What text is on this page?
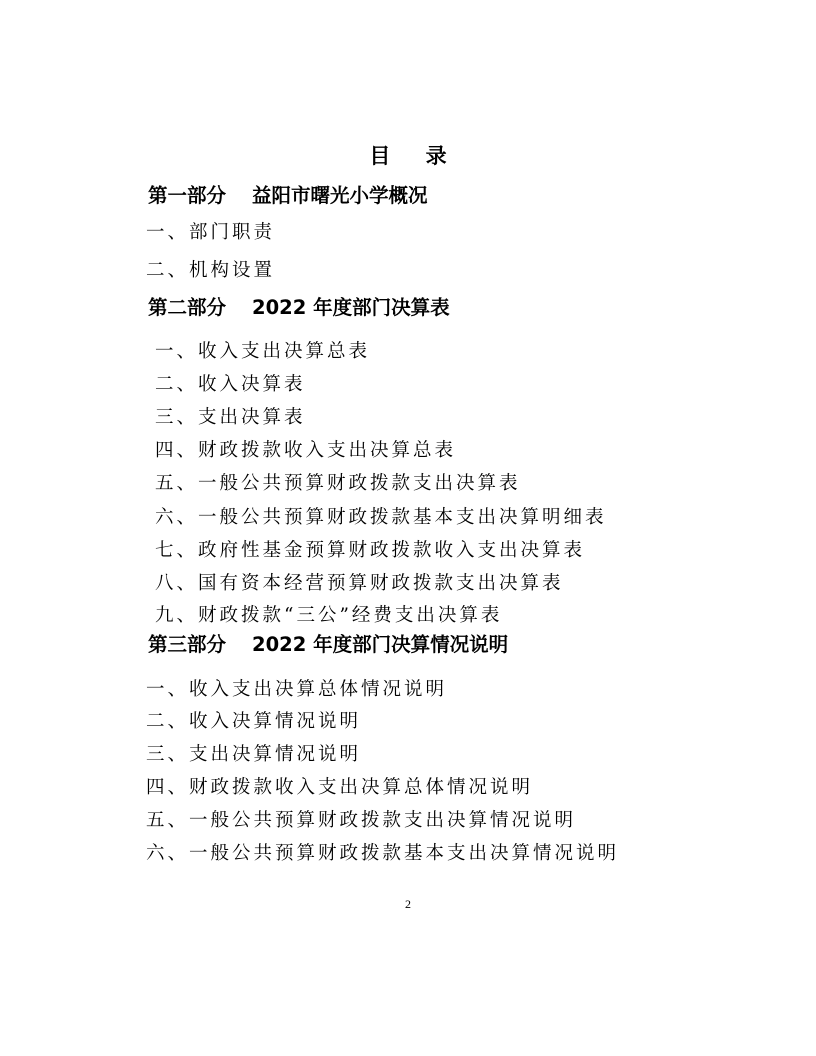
目 录
第一部分 益阳市曙光小学概况
一、部门职责
二、机构设置
第二部分 2022 年度部门决算表
一、收入支出决算总表
二、收入决算表
三、支出决算表
四、财政拨款收入支出决算总表
五、一般公共预算财政拨款支出决算表
六、一般公共预算财政拨款基本支出决算明细表
七、政府性基金预算财政拨款收入支出决算表
八、国有资本经营预算财政拨款支出决算表
九、财政拨款“三公”经费支出决算表
第三部分 2022 年度部门决算情况说明
一、收入支出决算总体情况说明
二、收入决算情况说明
三、支出决算情况说明
四、财政拨款收入支出决算总体情况说明
五、一般公共预算财政拨款支出决算情况说明
六、一般公共预算财政拨款基本支出决算情况说明
2
